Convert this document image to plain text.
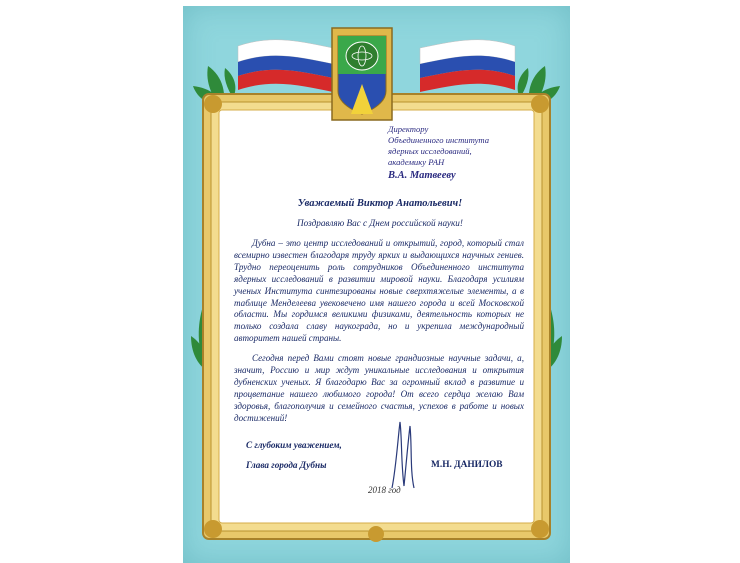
Директору
Объединенного института
ядерных исследований,
академику РАН
В.А. Матвееву
Уважаемый Виктор Анатольевич!
Поздравляю Вас с Днем российской науки!
Дубна – это центр исследований и открытий, город, который стал всемирно известен благодаря труду ярких и выдающихся научных гениев. Трудно переоценить роль сотрудников Объединенного института ядерных исследований в развитии мировой науки. Благодаря усилиям ученых Института синтезированы новые сверхтяжелые элементы, а в таблице Менделеева увековечено имя нашего города и всей Московской области. Мы гордимся великими физиками, деятельность которых не только создала славу наукограда, но и укрепила международный авторитет нашей страны.
Сегодня перед Вами стоят новые грандиозные научные задачи, а, значит, Россию и мир ждут уникальные исследования и открытия дубненских ученых. Я благодарю Вас за огромный вклад в развитие и процветание нашего любимого города! От всего сердца желаю Вам здоровья, благополучия и семейного счастья, успехов в работе и новых достижений!
С глубоким уважением,
Глава города Дубны	М.Н. ДАНИЛОВ
2018 год
